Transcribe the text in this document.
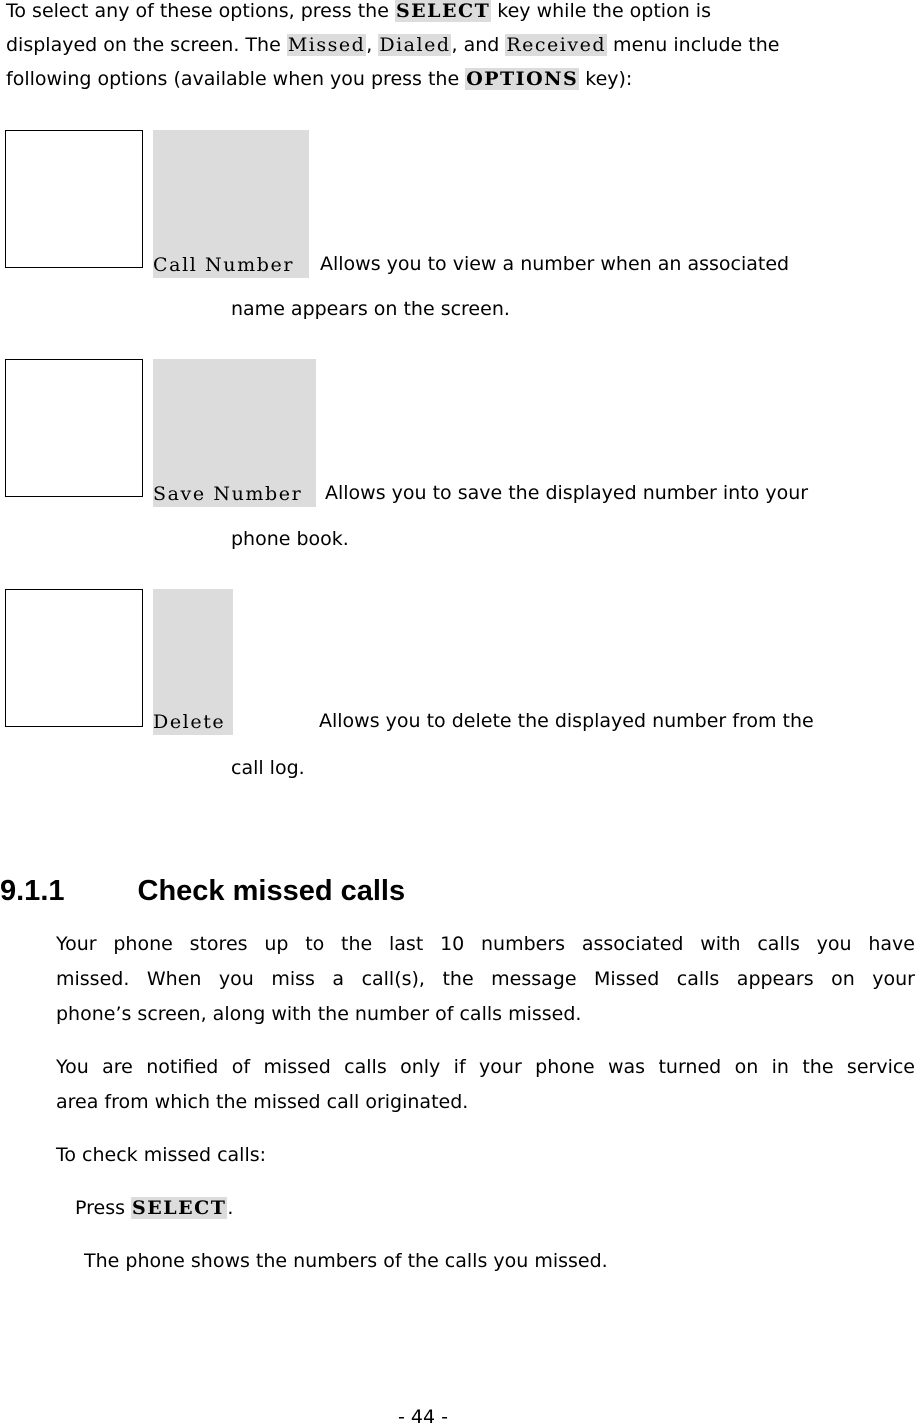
To select any of these options, press the SELECT key while the option is
displayed on the screen. The Missed, Dialed, and Received menu include the
following options (available when you press the OPTIONS key):
Call Number Allows you to view a number when an associated
name appears on the screen.
Save Number Allows you to save the displayed number into your
phone book.
Delete	Allows you to delete the displayed number from the
call log.
9.1.1	Check missed calls
Your phone stores up to the last 10 numbers associated with calls you have
missed. When you miss a call(s), the message Missed calls appears on your
phone’s screen, along with the number of calls missed.
You are notified of missed calls only if your phone was turned on in the service
area from which the missed call originated.
To check missed calls:
Press SELECT.
The phone shows the numbers of the calls you missed.
- 44 -
